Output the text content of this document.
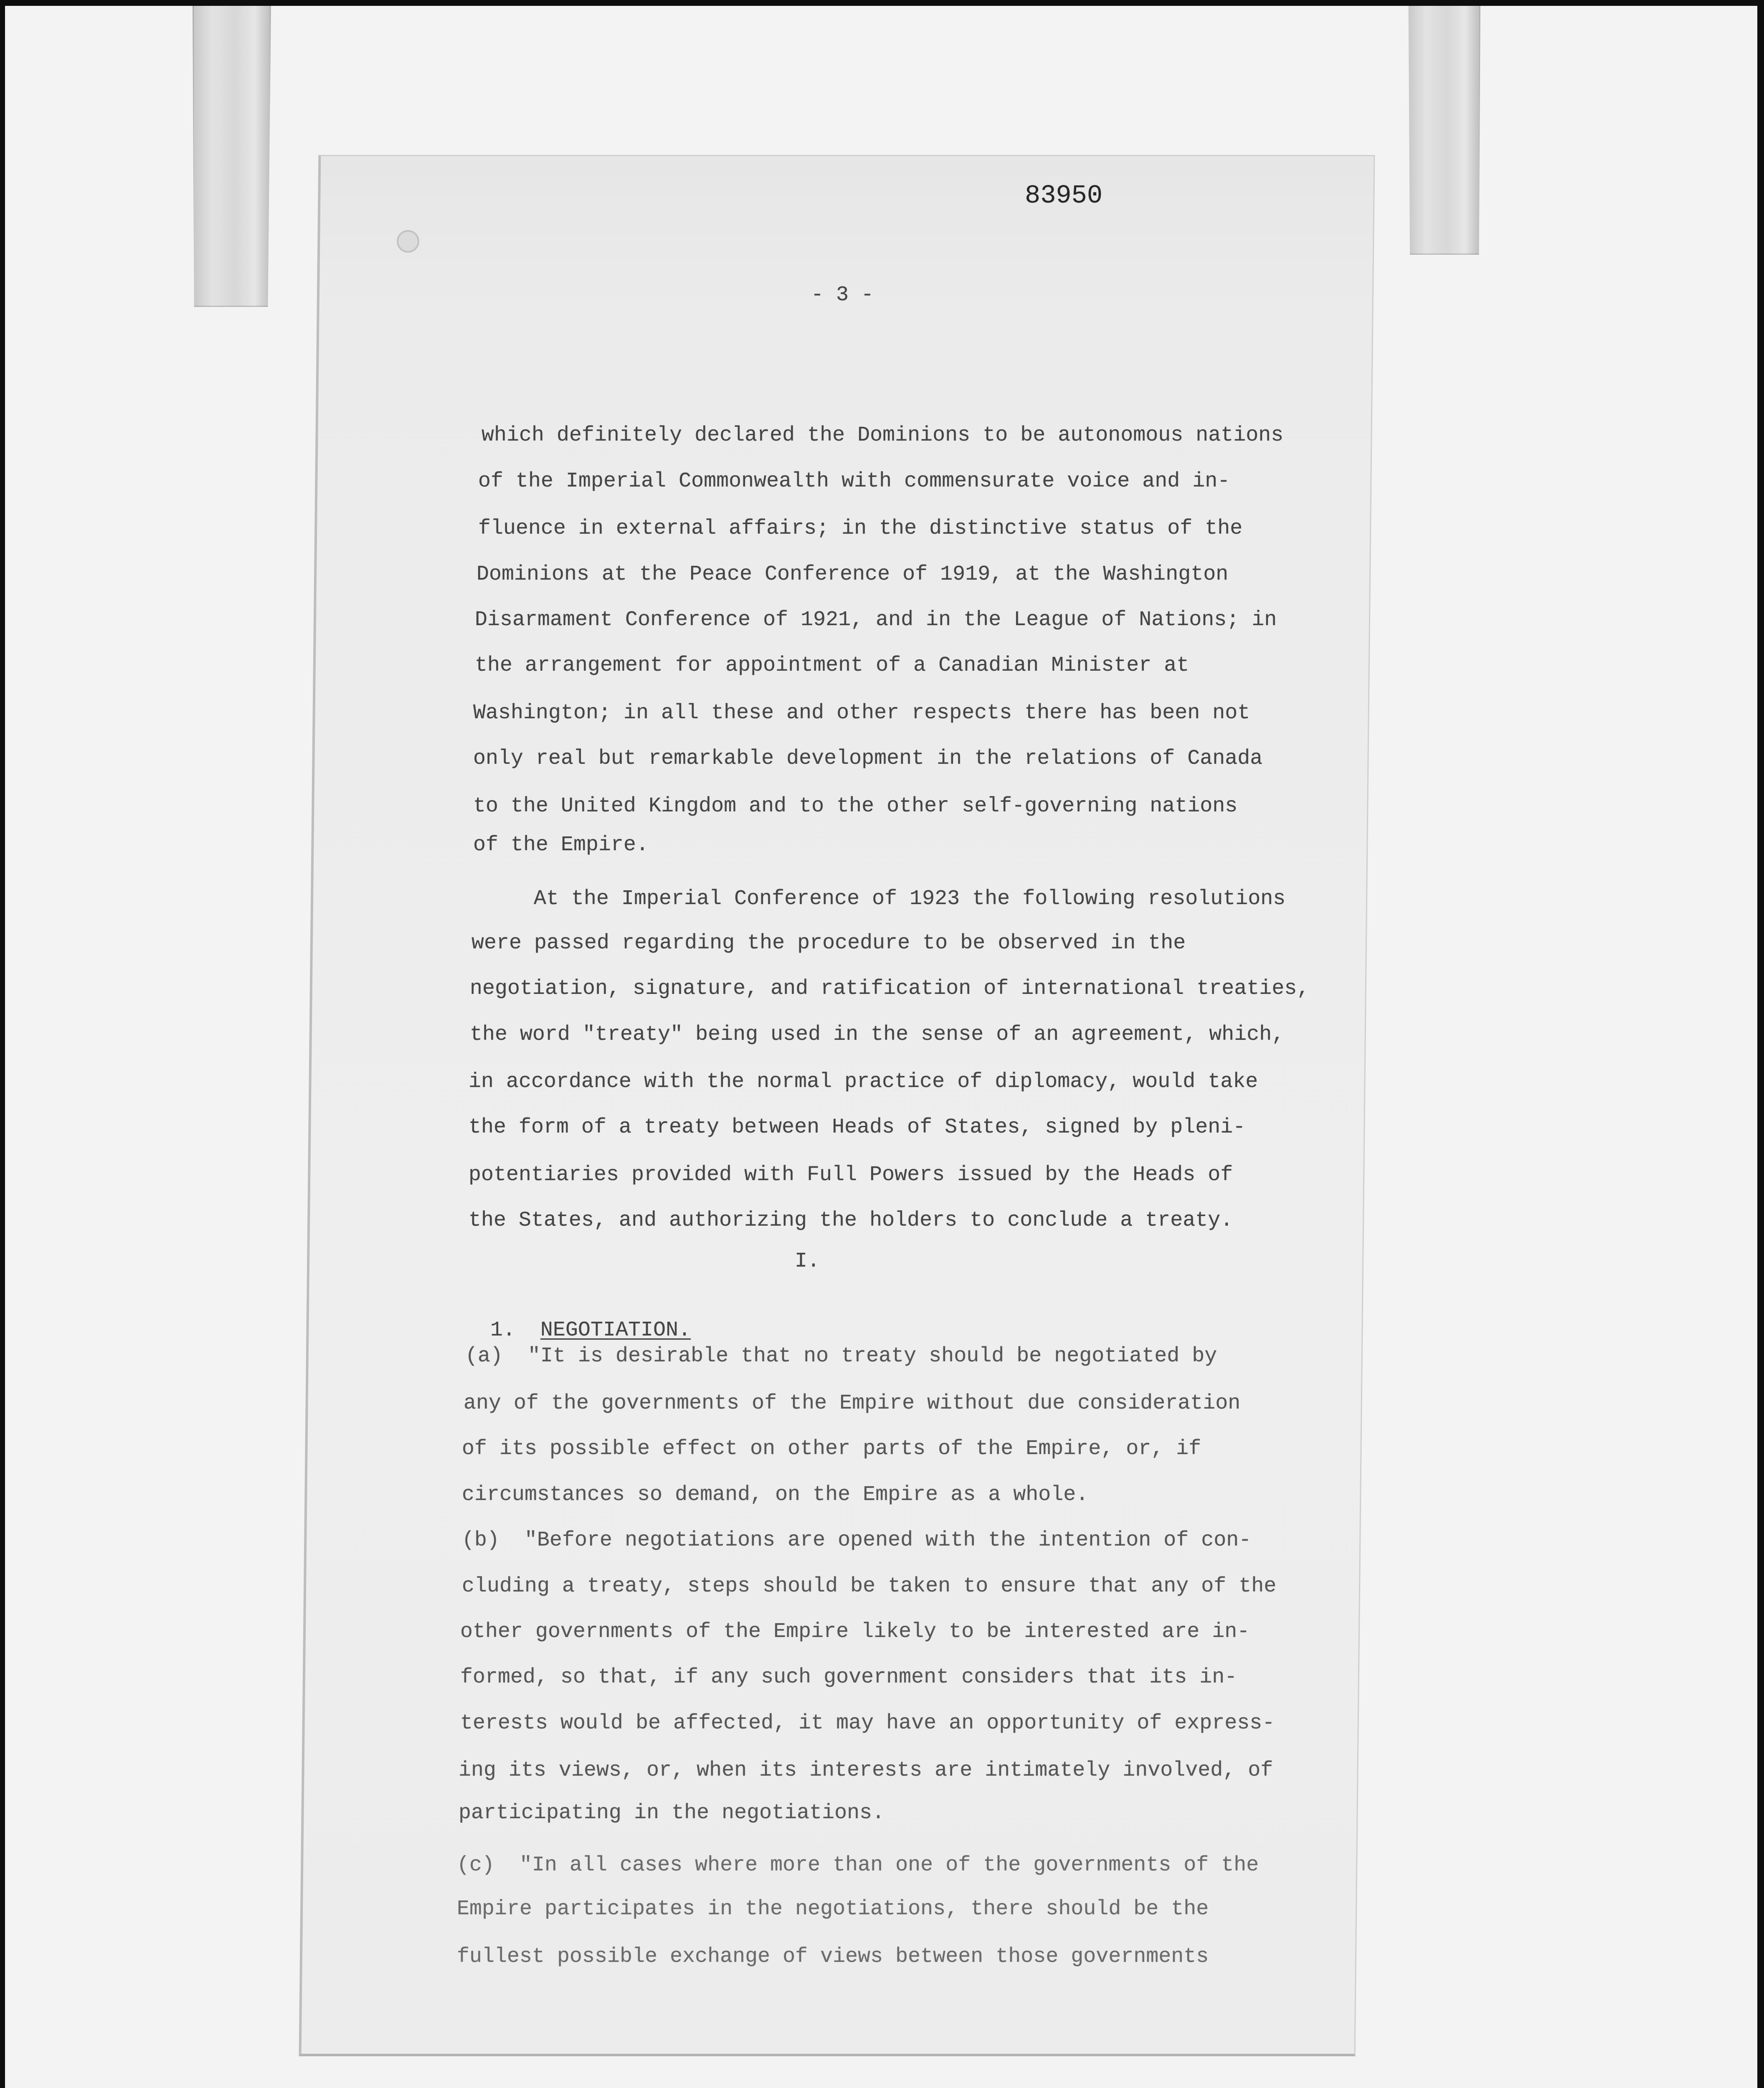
83950
- 3 -
which definitely declared the Dominions to be autonomous nations
of the Imperial Commonwealth with commensurate voice and in-
fluence in external affairs; in the distinctive status of the
Dominions at the Peace Conference of 1919, at the Washington
Disarmament Conference of 1921, and in the League of Nations; in
the arrangement for appointment of a Canadian Minister at
Washington; in all these and other respects there has been not
only real but remarkable development in the relations of Canada
to the United Kingdom and to the other self-governing nations
of the Empire.
At the Imperial Conference of 1923 the following resolutions
were passed regarding the procedure to be observed in the
negotiation, signature, and ratification of international treaties,
the word "treaty" being used in the sense of an agreement, which,
in accordance with the normal practice of diplomacy, would take
the form of a treaty between Heads of States, signed by pleni-
potentiaries provided with Full Powers issued by the Heads of
the States, and authorizing the holders to conclude a treaty.
I.

1. NEGOTIATION.

(a)  "It is desirable that no treaty should be negotiated by
any of the governments of the Empire without due consideration
of its possible effect on other parts of the Empire, or, if
circumstances so demand, on the Empire as a whole.
(b)  "Before negotiations are opened with the intention of con-
cluding a treaty, steps should be taken to ensure that any of the
other governments of the Empire likely to be interested are in-
formed, so that, if any such government considers that its in-
terests would be affected, it may have an opportunity of express-
ing its views, or, when its interests are intimately involved, of
participating in the negotiations.
(c)  "In all cases where more than one of the governments of the
Empire participates in the negotiations, there should be the
fullest possible exchange of views between those governments
